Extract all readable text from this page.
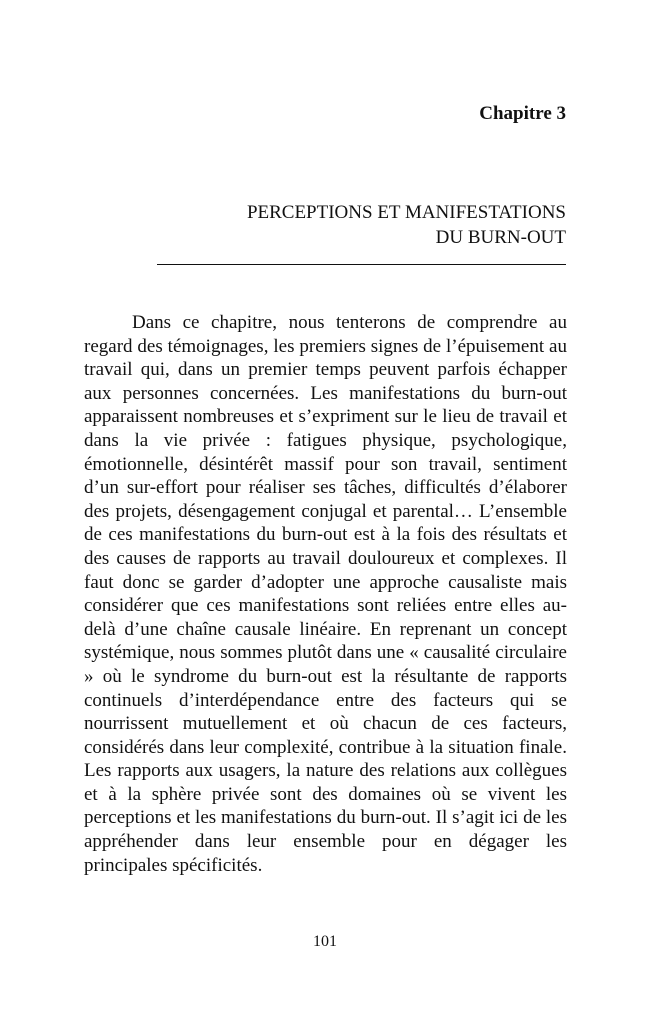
Chapitre 3

PERCEPTIONS ET MANIFESTATIONS
DU BURN-OUT

Dans ce chapitre, nous tenterons de comprendre au regard des témoignages, les premiers signes de l’épuisement au travail qui, dans un premier temps peuvent parfois échapper aux personnes concernées. Les manifestations du burn-out apparaissent nombreuses et s’expriment sur le lieu de travail et dans la vie privée : fatigues physique, psychologique, émotionnelle, désintérêt massif pour son travail, sentiment d’un sur-effort pour réaliser ses tâches, difficultés d’élaborer des projets, désengagement conjugal et parental… L’ensemble de ces manifestations du burn-out est à la fois des résultats et des causes de rapports au travail douloureux et complexes. Il faut donc se garder d’adopter une approche causaliste mais considérer que ces manifestations sont reliées entre elles au-delà d’une chaîne causale linéaire. En reprenant un concept systémique, nous sommes plutôt dans une « causalité circulaire » où le syndrome du burn-out est la résultante de rapports continuels d’interdépendance entre des facteurs qui se nourrissent mutuellement et où chacun de ces facteurs, considérés dans leur complexité, contribue à la situation finale. Les rapports aux usagers, la nature des relations aux collègues et à la sphère privée sont des domaines où se vivent les perceptions et les manifestations du burn-out. Il s’agit ici de les appréhender dans leur ensemble pour en dégager les principales spécificités.

101
